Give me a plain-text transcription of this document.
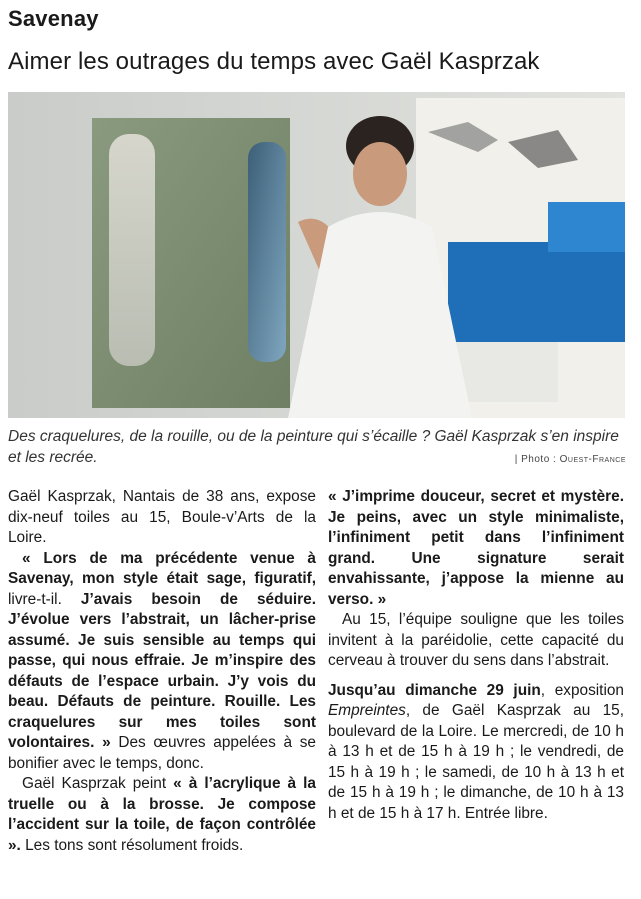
Savenay
Aimer les outrages du temps avec Gaël Kasprzak
Des craquelures, de la rouille, ou de la peinture qui s’écaille ? Gaël Kasprzak s’en inspire et les recrée.	| Photo : Ouest-France

Gaël Kasprzak, Nantais de 38 ans, expose dix-neuf toiles au 15, Boule-v’Arts de la Loire.

« Lors de ma précédente venue à Savenay, mon style était sage, figuratif, livre-t-il. J’avais besoin de séduire. J’évolue vers l’abstrait, un lâcher-prise assumé. Je suis sensible au temps qui passe, qui nous effraie. Je m’inspire des défauts de l’espace urbain. J’y vois du beau. Défauts de peinture. Rouille. Les craquelures sur mes toiles sont volontaires. » Des œuvres appelées à se bonifier avec le temps, donc.

Gaël Kasprzak peint « à l’acrylique à la truelle ou à la brosse. Je compose l’accident sur la toile, de façon contrôlée ». Les tons sont résolument froids.

« J’imprime douceur, secret et mystère. Je peins, avec un style minimaliste, l’infiniment petit dans l’infiniment grand. Une signature serait envahissante, j’appose la mienne au verso. »

Au 15, l’équipe souligne que les toiles invitent à la paréidolie, cette capacité du cerveau à trouver du sens dans l’abstrait.

Jusqu’au dimanche 29 juin, exposition Empreintes, de Gaël Kasprzak au 15, boulevard de la Loire. Le mercredi, de 10 h à 13 h et de 15 h à 19 h ; le vendredi, de 15 h à 19 h ; le samedi, de 10 h à 13 h et de 15 h à 19 h ; le dimanche, de 10 h à 13 h et de 15 h à 17 h. Entrée libre.
